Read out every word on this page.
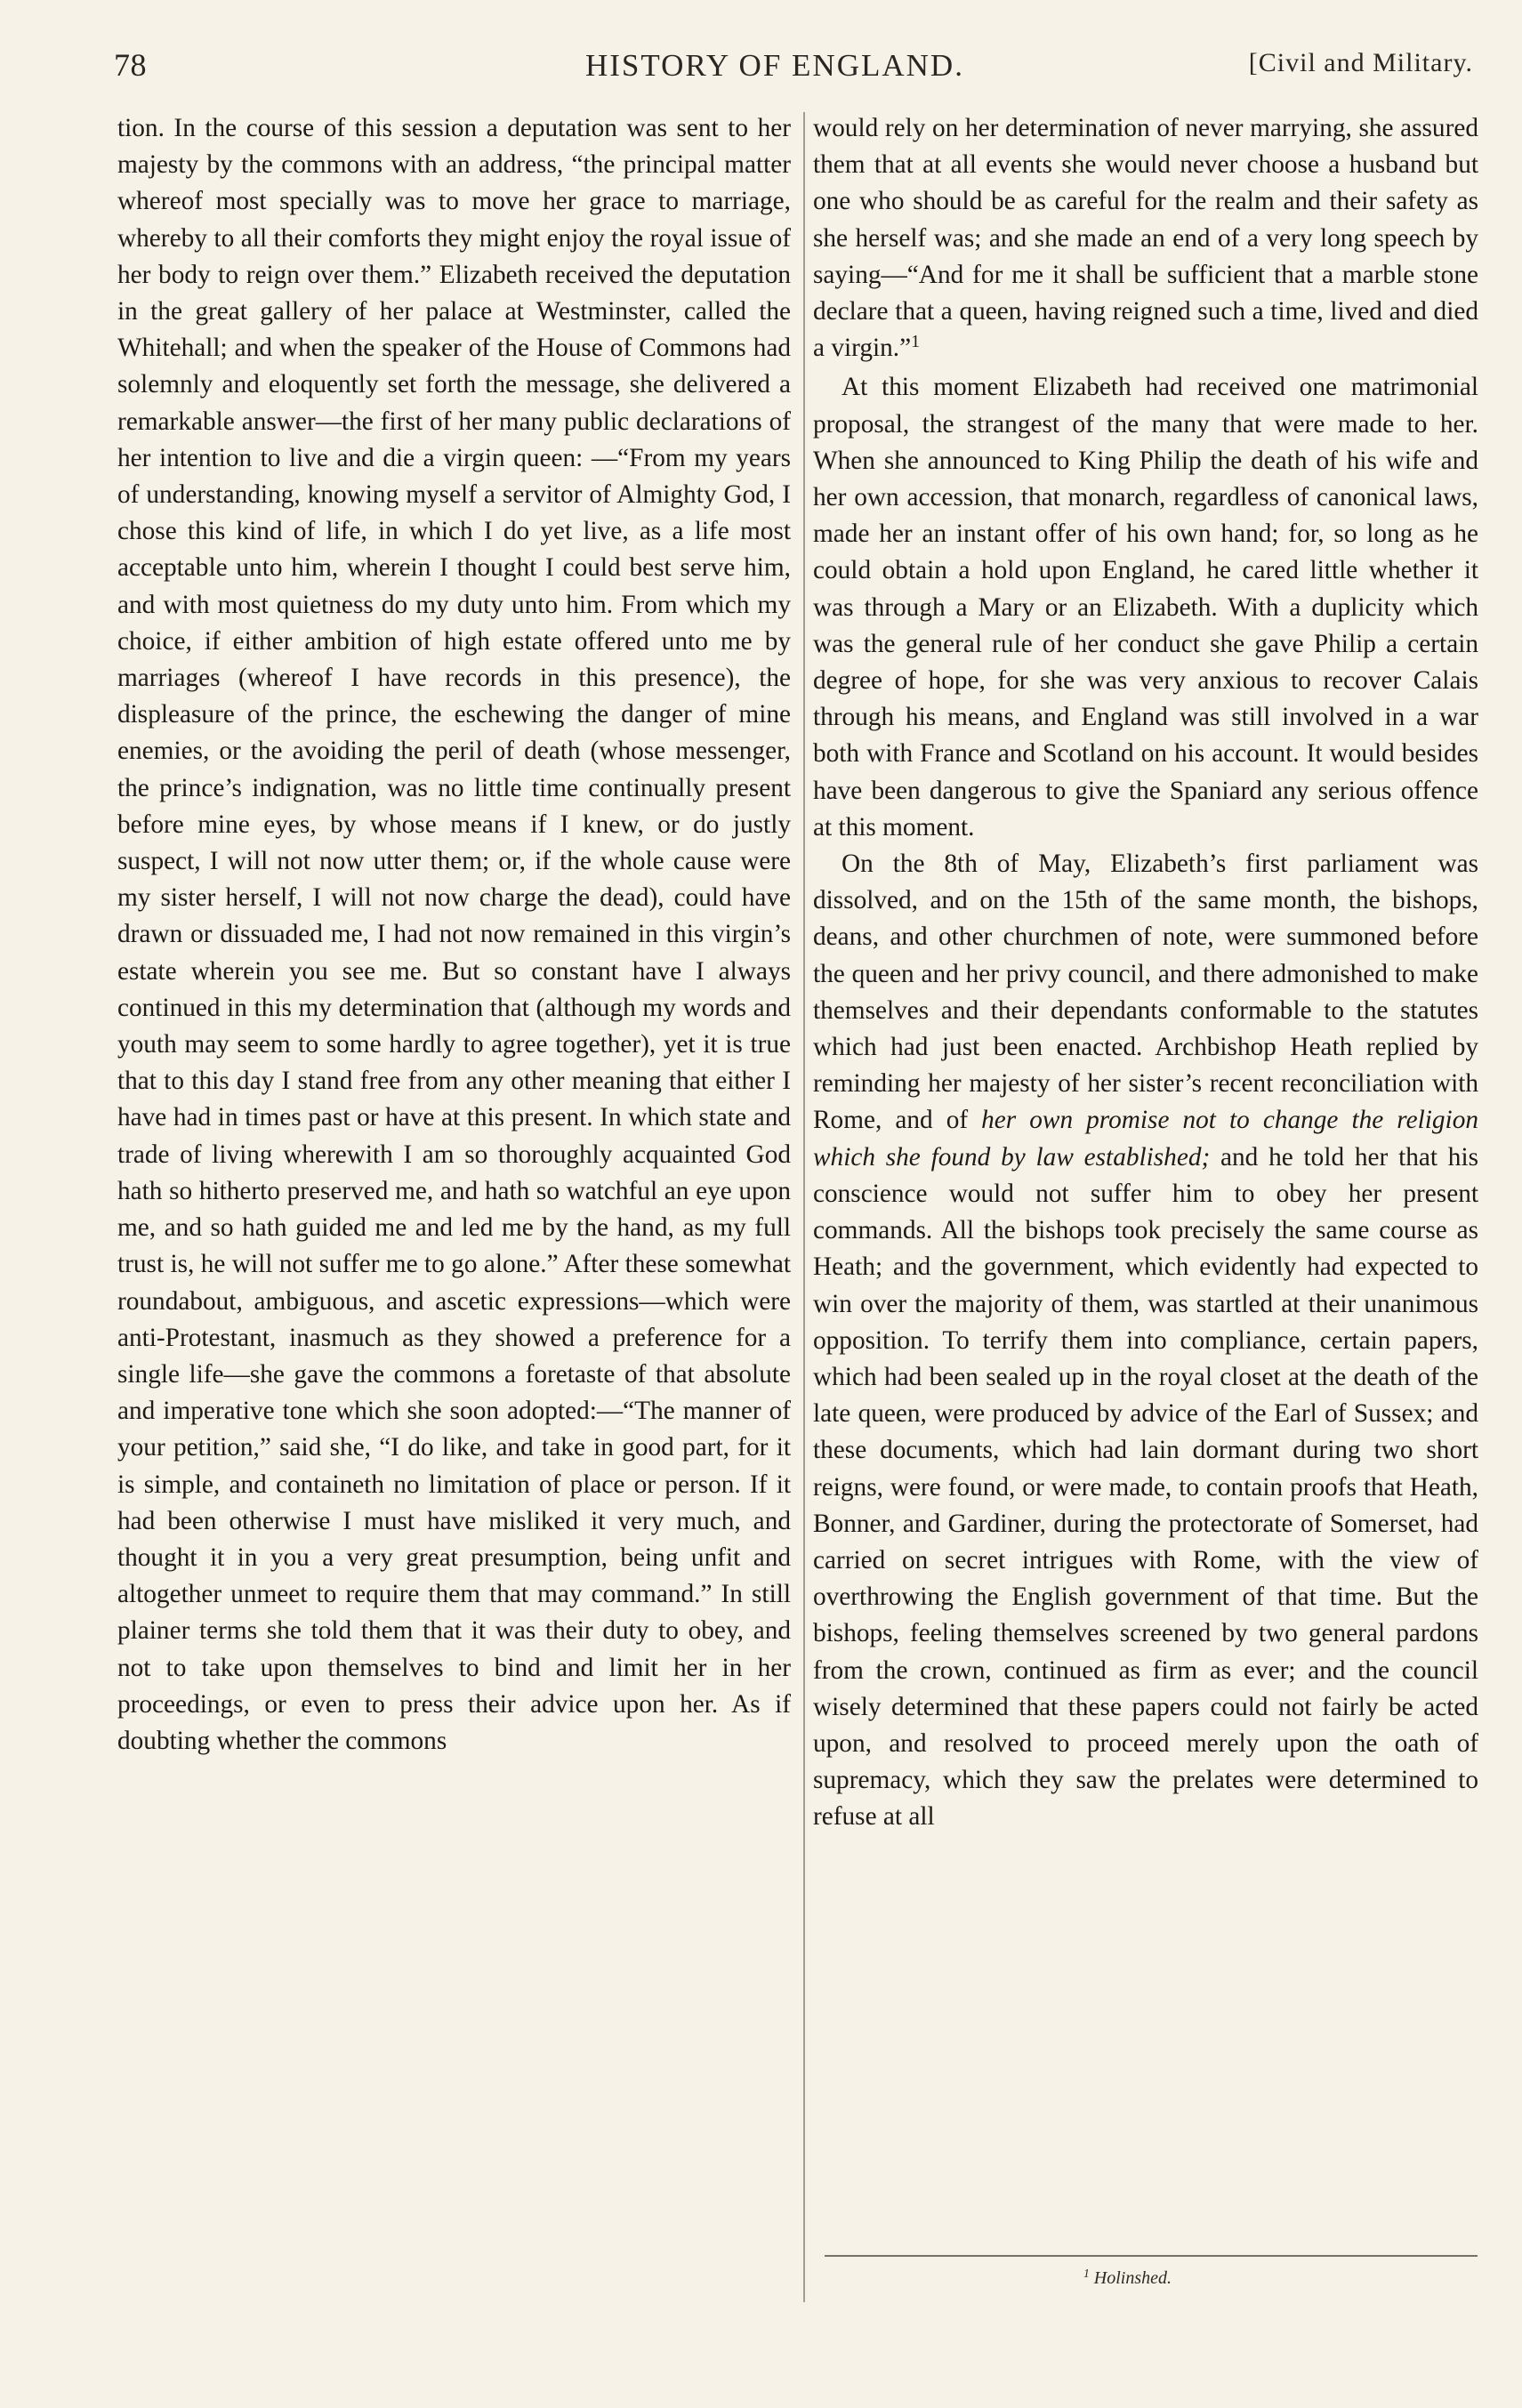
78	HISTORY OF ENGLAND.	[Civil and Military.

tion. In the course of this session a deputation was sent to her majesty by the commons with an address, “the principal matter whereof most specially was to move her grace to marriage, whereby to all their comforts they might enjoy the royal issue of her body to reign over them.” Elizabeth received the deputation in the great gallery of her palace at Westminster, called the Whitehall; and when the speaker of the House of Commons had solemnly and eloquently set forth the message, she delivered a remarkable answer—the first of her many public declarations of her intention to live and die a virgin queen: —“From my years of understanding, knowing myself a servitor of Almighty God, I chose this kind of life, in which I do yet live, as a life most acceptable unto him, wherein I thought I could best serve him, and with most quietness do my duty unto him. From which my choice, if either ambition of high estate offered unto me by marriages (whereof I have records in this presence), the displeasure of the prince, the eschewing the danger of mine enemies, or the avoiding the peril of death (whose messenger, the prince’s indignation, was no little time continually present before mine eyes, by whose means if I knew, or do justly suspect, I will not now utter them; or, if the whole cause were my sister herself, I will not now charge the dead), could have drawn or dissuaded me, I had not now remained in this virgin’s estate wherein you see me. But so constant have I always continued in this my determination that (although my words and youth may seem to some hardly to agree together), yet it is true that to this day I stand free from any other meaning that either I have had in times past or have at this present. In which state and trade of living wherewith I am so thoroughly acquainted God hath so hitherto preserved me, and hath so watchful an eye upon me, and so hath guided me and led me by the hand, as my full trust is, he will not suffer me to go alone.” After these somewhat roundabout, ambiguous, and ascetic expressions—which were anti-Protestant, inasmuch as they showed a preference for a single life—she gave the commons a foretaste of that absolute and imperative tone which she soon adopted:—“The manner of your petition,” said she, “I do like, and take in good part, for it is simple, and containeth no limitation of place or person. If it had been otherwise I must have misliked it very much, and thought it in you a very great presumption, being unfit and altogether unmeet to require them that may command.” In still plainer terms she told them that it was their duty to obey, and not to take upon themselves to bind and limit her in her proceedings, or even to press their advice upon her. As if doubting whether the commons

would rely on her determination of never marrying, she assured them that at all events she would never choose a husband but one who should be as careful for the realm and their safety as she herself was; and she made an end of a very long speech by saying—“And for me it shall be sufficient that a marble stone declare that a queen, having reigned such a time, lived and died a virgin.”$^1$

At this moment Elizabeth had received one matrimonial proposal, the strangest of the many that were made to her. When she announced to King Philip the death of his wife and her own accession, that monarch, regardless of canonical laws, made her an instant offer of his own hand; for, so long as he could obtain a hold upon England, he cared little whether it was through a Mary or an Elizabeth. With a duplicity which was the general rule of her conduct she gave Philip a certain degree of hope, for she was very anxious to recover Calais through his means, and England was still involved in a war both with France and Scotland on his account. It would besides have been dangerous to give the Spaniard any serious offence at this moment.

On the 8th of May, Elizabeth’s first parliament was dissolved, and on the 15th of the same month, the bishops, deans, and other churchmen of note, were summoned before the queen and her privy council, and there admonished to make themselves and their dependants conformable to the statutes which had just been enacted. Archbishop Heath replied by reminding her majesty of her sister’s recent reconciliation with Rome, and of her own promise not to change the religion which she found by law established; and he told her that his conscience would not suffer him to obey her present commands. All the bishops took precisely the same course as Heath; and the government, which evidently had expected to win over the majority of them, was startled at their unanimous opposition. To terrify them into compliance, certain papers, which had been sealed up in the royal closet at the death of the late queen, were produced by advice of the Earl of Sussex; and these documents, which had lain dormant during two short reigns, were found, or were made, to contain proofs that Heath, Bonner, and Gardiner, during the protectorate of Somerset, had carried on secret intrigues with Rome, with the view of overthrowing the English government of that time. But the bishops, feeling themselves screened by two general pardons from the crown, continued as firm as ever; and the council wisely determined that these papers could not fairly be acted upon, and resolved to proceed merely upon the oath of supremacy, which they saw the prelates were determined to refuse at all

$^1$ Holinshed.
